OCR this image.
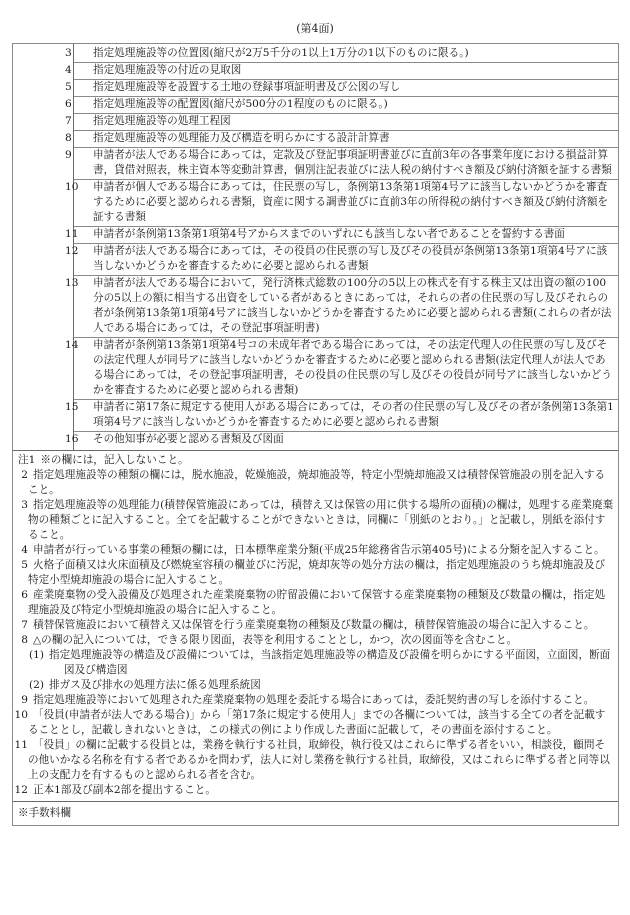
(第4面)
3 指定処理施設等の位置図(縮尺が2万5千分の1以上1万分の1以下のものに限る。)
4 指定処理施設等の付近の見取図
5 指定処理施設等を設置する土地の登録事項証明書及び公図の写し
6 指定処理施設等の配置図(縮尺が500分の1程度のものに限る。)
7 指定処理施設等の処理工程図
8 指定処理施設等の処理能力及び構造を明らかにする設計計算書
9 申請者が法人である場合にあっては，定款及び登記事項証明書並びに直前3年の各事業年度における損益計算書，貸借対照表，株主資本等変動計算書，個別注記表並びに法人税の納付すべき額及び納付済額を証する書類
10 申請者が個人である場合にあっては，住民票の写し，条例第13条第1項第4号アに該当しないかどうかを審査するために必要と認められる書類，資産に関する調書並びに直前3年の所得税の納付すべき額及び納付済額を証する書類
11 申請者が条例第13条第1項第4号アからスまでのいずれにも該当しない者であることを誓約する書面
12 申請者が法人である場合にあっては，その役員の住民票の写し及びその役員が条例第13条第1項第4号アに該当しないかどうかを審査するために必要と認められる書類
13 申請者が法人である場合において，発行済株式総数の100分の5以上の株式を有する株主又は出資の額の100分の5以上の額に相当する出資をしている者があるときにあっては，それらの者の住民票の写し及びそれらの者が条例第13条第1項第4号アに該当しないかどうかを審査するために必要と認められる書類(これらの者が法人である場合にあっては，その登記事項証明書)
14 申請者が条例第13条第1項第4号コの未成年者である場合にあっては，その法定代理人の住民票の写し及びその法定代理人が同号アに該当しないかどうかを審査するために必要と認められる書類(法定代理人が法人である場合にあっては，その登記事項証明書，その役員の住民票の写し及びその役員が同号アに該当しないかどうかを審査するために必要と認められる書類)
15 申請者に第17条に規定する使用人がある場合にあっては，その者の住民票の写し及びその者が条例第13条第1項第4号アに該当しないかどうかを審査するために必要と認められる書類
16 その他知事が必要と認める書類及び図面
注1 ※の欄には，記入しないこと。
2 指定処理施設等の種類の欄には，脱水施設，乾燥施設，焼却施設等，特定小型焼却施設又は積替保管施設の別を記入すること。
3 指定処理施設等の処理能力(積替保管施設にあっては，積替え又は保管の用に供する場所の面積)の欄は，処理する産業廃棄物の種類ごとに記入すること。全てを記載することができないときは，同欄に「別紙のとおり。」と記載し，別紙を添付すること。
4 申請者が行っている事業の種類の欄には，日本標準産業分類(平成25年総務省告示第405号)による分類を記入すること。
5 火格子面積又は火床面積及び燃焼室容積の欄並びに汚泥，焼却灰等の処分方法の欄は，指定処理施設のうち焼却施設及び特定小型焼却施設の場合に記入すること。
6 産業廃棄物の受入設備及び処理された産業廃棄物の貯留設備において保管する産業廃棄物の種類及び数量の欄は，指定処理施設及び特定小型焼却施設の場合に記入すること。
7 積替保管施設において積替え又は保管を行う産業廃棄物の種類及び数量の欄は，積替保管施設の場合に記入すること。
8 △の欄の記入については，できる限り図面，表等を利用することとし，かつ，次の図面等を含むこと。
(1) 指定処理施設等の構造及び設備については，当該指定処理施設等の構造及び設備を明らかにする平面図，立面図，断面図及び構造図
(2) 排ガス及び排水の処理方法に係る処理系統図
9 指定処理施設等において処理された産業廃棄物の処理を委託する場合にあっては，委託契約書の写しを添付すること。
10 「役員(申請者が法人である場合)」から「第17条に規定する使用人」までの各欄については，該当する全ての者を記載することとし，記載しきれないときは，この様式の例により作成した書面に記載して，その書面を添付すること。
11 「役員」の欄に記載する役員とは，業務を執行する社員，取締役，執行役又はこれらに準ずる者をいい，相談役，顧問その他いかなる名称を有する者であるかを問わず，法人に対し業務を執行する社員，取締役，又はこれらに準ずる者と同等以上の支配力を有するものと認められる者を含む。
12 正本1部及び副本2部を提出すること。
※手数料欄
